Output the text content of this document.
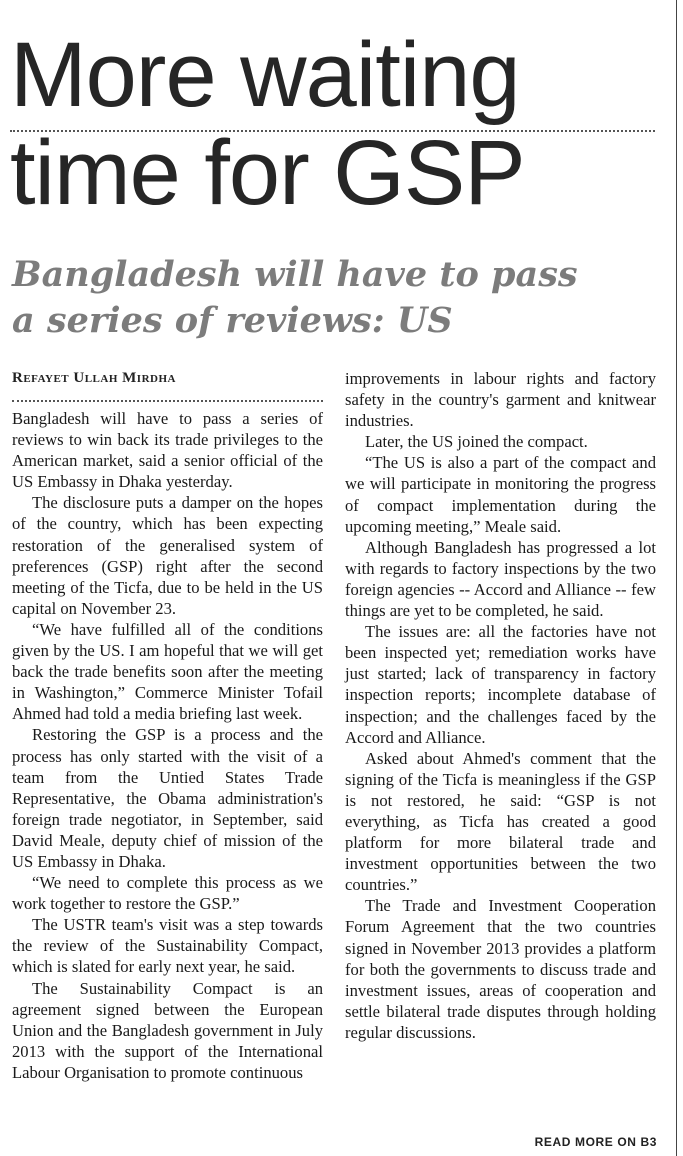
More waiting
time for GSP
Bangladesh will have to pass
a series of reviews: US
Refayet Ullah Mirdha

Bangladesh will have to pass a series of reviews to win back its trade privileges to the American market, said a senior official of the US Embassy in Dhaka yesterday.

The disclosure puts a damper on the hopes of the country, which has been expecting restoration of the generalised system of preferences (GSP) right after the second meeting of the Ticfa, due to be held in the US capital on November 23.

“We have fulfilled all of the conditions given by the US. I am hopeful that we will get back the trade benefits soon after the meeting in Washington,” Commerce Minister Tofail Ahmed had told a media briefing last week.

Restoring the GSP is a process and the process has only started with the visit of a team from the Untied States Trade Representative, the Obama administration's foreign trade negotiator, in September, said David Meale, deputy chief of mission of the US Embassy in Dhaka.

“We need to complete this process as we work together to restore the GSP.”

The USTR team's visit was a step towards the review of the Sustainability Compact, which is slated for early next year, he said.

The Sustainability Compact is an agreement signed between the European Union and the Bangladesh government in July 2013 with the support of the International Labour Organisation to promote continuous

improvements in labour rights and factory safety in the country's garment and knitwear industries.

Later, the US joined the compact.

“The US is also a part of the compact and we will participate in monitoring the progress of compact implementation during the upcoming meeting,” Meale said.

Although Bangladesh has progressed a lot with regards to factory inspections by the two foreign agencies -- Accord and Alliance -- few things are yet to be completed, he said.

The issues are: all the factories have not been inspected yet; remediation works have just started; lack of transparency in factory inspection reports; incomplete database of inspection; and the challenges faced by the Accord and Alliance.

Asked about Ahmed's comment that the signing of the Ticfa is meaningless if the GSP is not restored, he said: “GSP is not everything, as Ticfa has created a good platform for more bilateral trade and investment opportunities between the two countries.”

The Trade and Investment Cooperation Forum Agreement that the two countries signed in November 2013 provides a platform for both the governments to discuss trade and investment issues, areas of cooperation and settle bilateral trade disputes through holding regular discussions.

READ MORE ON B3
